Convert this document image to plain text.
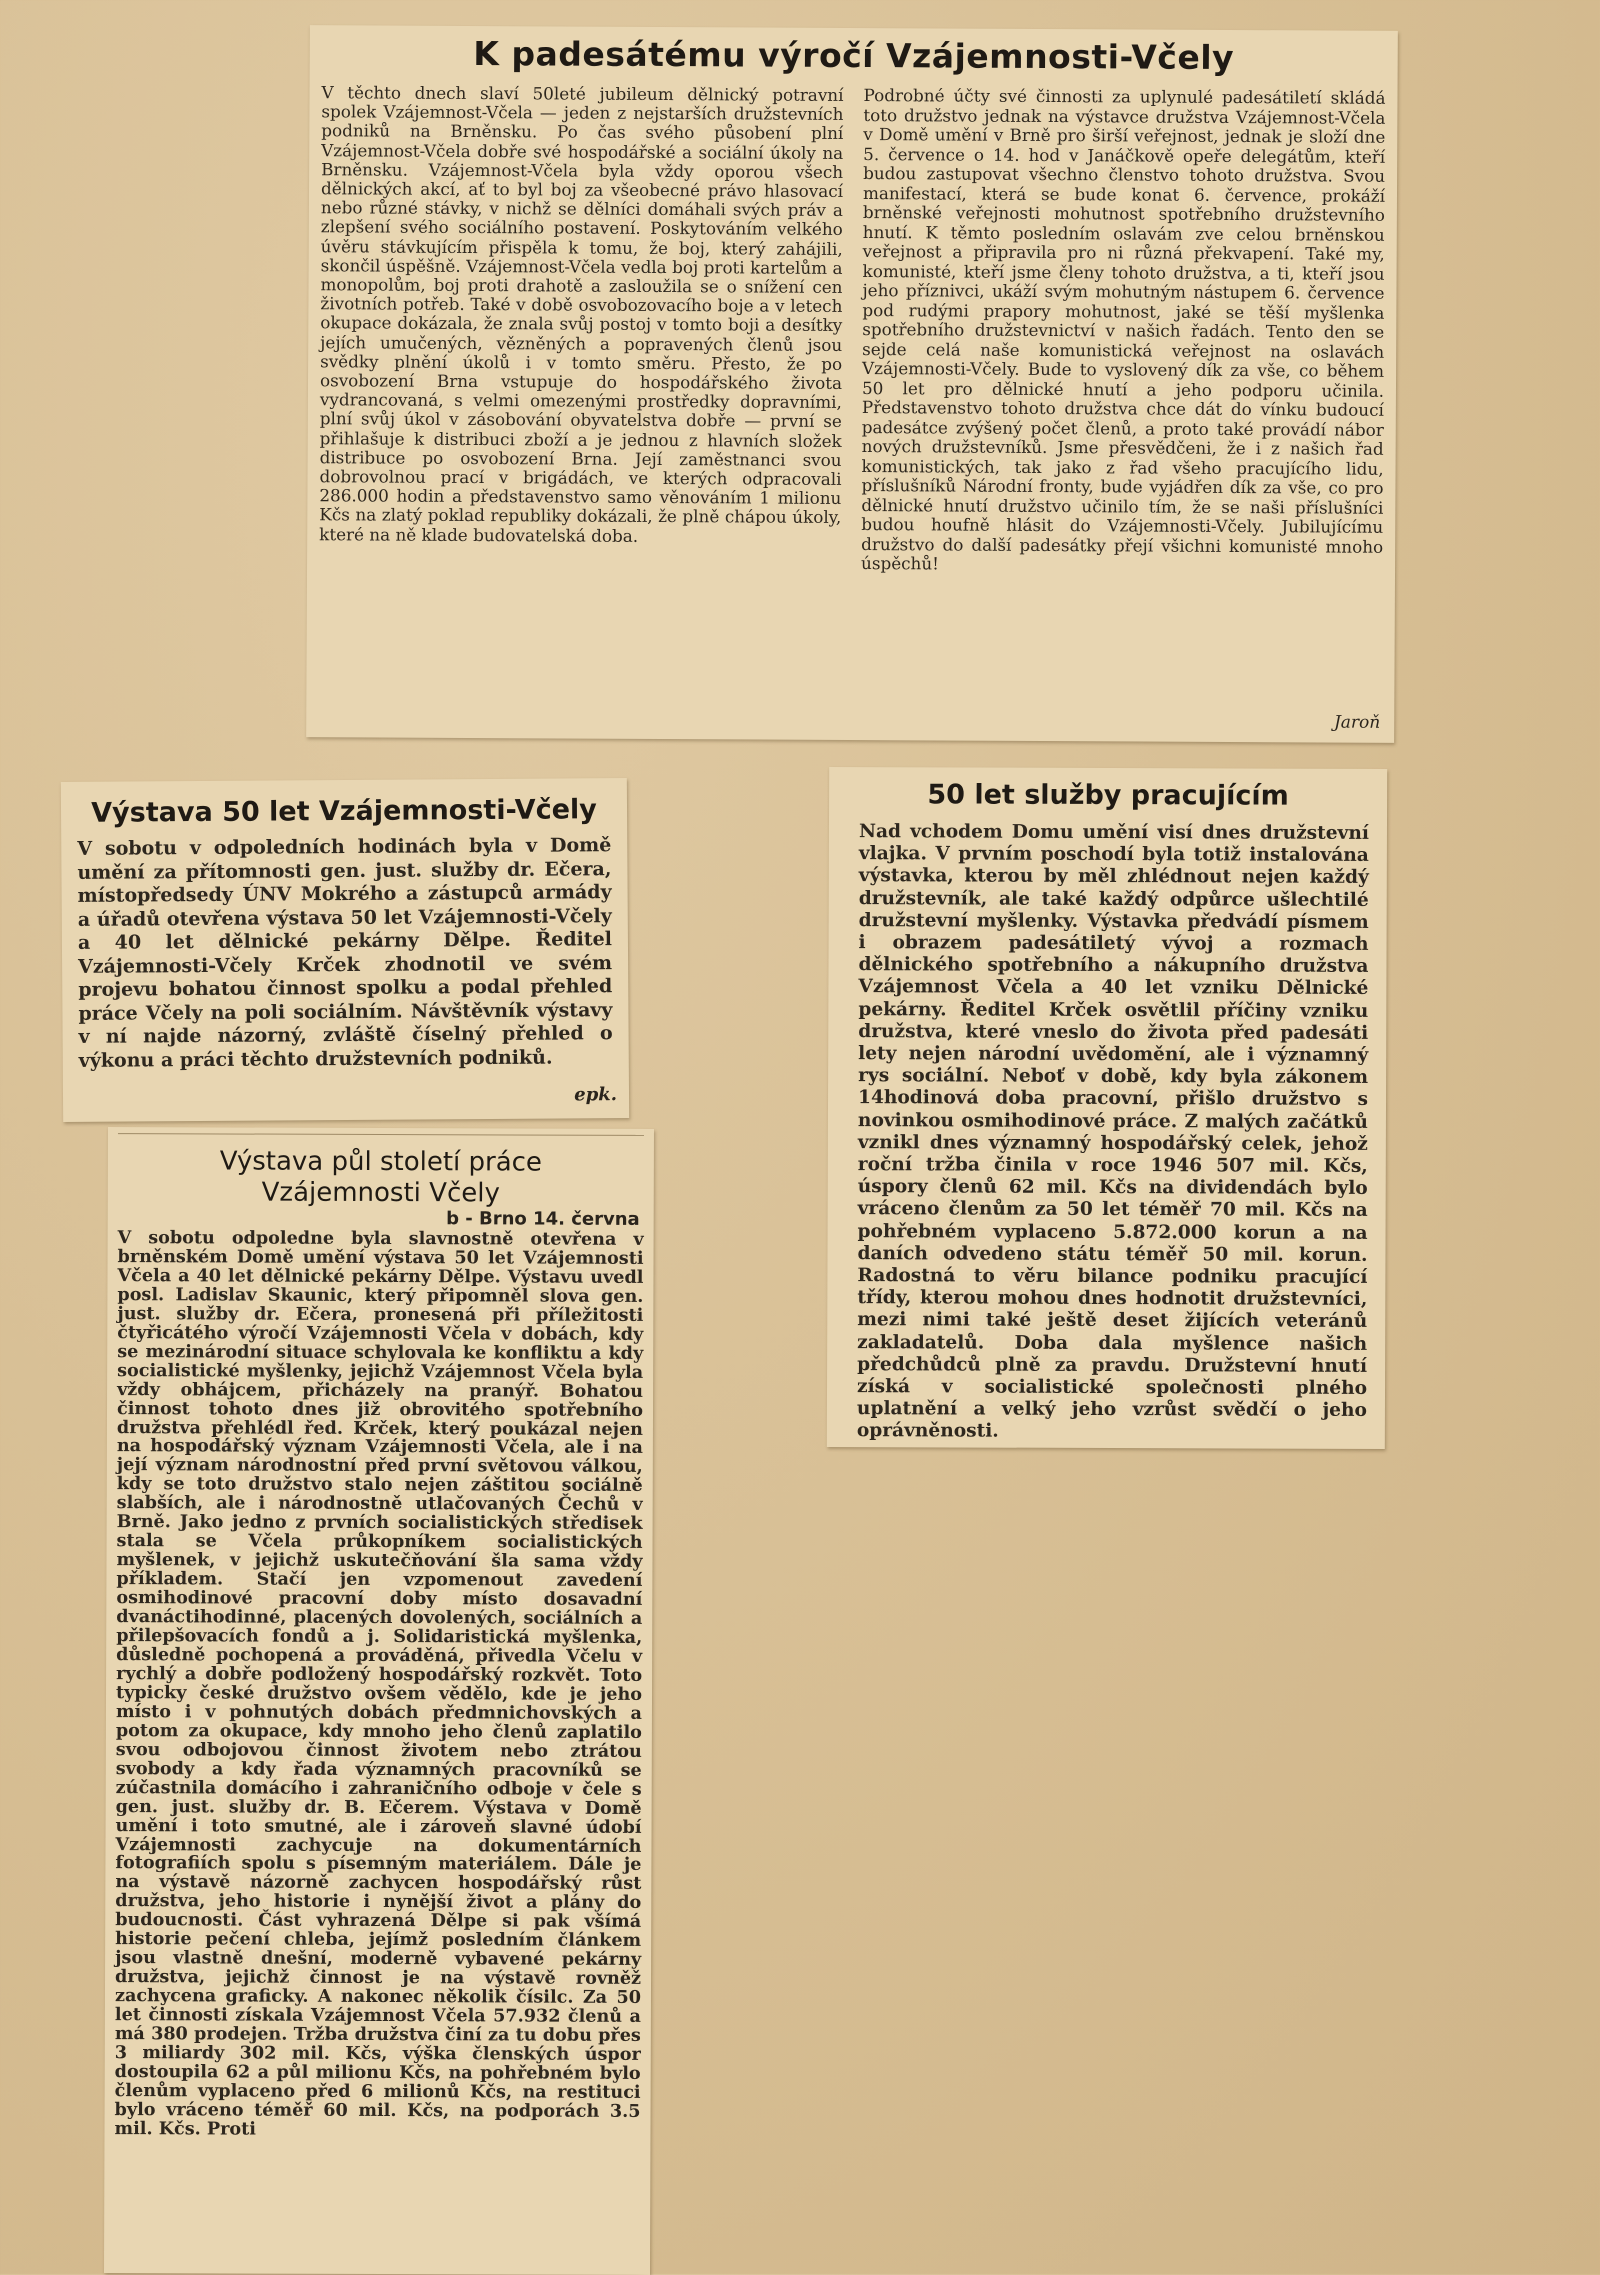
K padesátému výročí Vzájemnosti-Včely
V těchto dnech slaví 50leté jubileum dělnický potravní spolek Vzájemnost-Včela — jeden z nejstarších družstevních podniků na Brněnsku. Po čas svého působení plní Vzájemnost-Včela dobře své hospodářské a sociální úkoly na Brněnsku. Vzájemnost-Včela byla vždy oporou všech dělnických akcí, ať to byl boj za všeobecné právo hlasovací nebo různé stávky, v nichž se dělníci domáhali svých práv a zlepšení svého sociálního postavení. Poskytováním velkého úvěru stávkujícím přispěla k tomu, že boj, který zahájili, skončil úspěšně. Vzájemnost-Včela vedla boj proti kartelům a monopolům, boj proti drahotě a zasloužila se o snížení cen životních potřeb. Také v době osvobozovacího boje a v letech okupace dokázala, že znala svůj postoj v tomto boji a desítky jejích umučených, vězněných a popravených členů jsou svědky plnění úkolů i v tomto směru. Přesto, že po osvobození Brna vstupuje do hospodářského života vydrancovaná, s velmi omezenými prostředky dopravními, plní svůj úkol v zásobování obyvatelstva dobře — první se přihlašuje k distribuci zboží a je jednou z hlavních složek distribuce po osvobození Brna. Její zaměstnanci svou dobrovolnou prací v brigádách, ve kterých odpracovali 286.000 hodin a představenstvo samo věnováním 1 milionu Kčs na zlatý poklad republiky dokázali, že plně chápou úkoly, které na ně klade budovatelská doba.
Podrobné účty své činnosti za uplynulé padesátiletí skládá toto družstvo jednak na výstavce družstva Vzájemnost-Včela v Domě umění v Brně pro širší veřejnost, jednak je složí dne 5. července o 14. hod v Janáčkově opeře delegátům, kteří budou zastupovat všechno členstvo tohoto družstva. Svou manifestací, která se bude konat 6. července, prokáží brněnské veřejnosti mohutnost spotřebního družstevního hnutí. K těmto posledním oslavám zve celou brněnskou veřejnost a připravila pro ni různá překvapení. Také my, komunisté, kteří jsme členy tohoto družstva, a ti, kteří jsou jeho příznivci, ukáží svým mohutným nástupem 6. července pod rudými prapory mohutnost, jaké se těší myšlenka spotřebního družstevnictví v našich řadách. Tento den se sejde celá naše komunistická veřejnost na oslavách Vzájemnosti-Včely. Bude to vyslovený dík za vše, co během 50 let pro dělnické hnutí a jeho podporu učinila. Představenstvo tohoto družstva chce dát do vínku budoucí padesátce zvýšený počet členů, a proto také provádí nábor nových družstevníků. Jsme přesvědčeni, že i z našich řad komunistických, tak jako z řad všeho pracujícího lidu, příslušníků Národní fronty, bude vyjádřen dík za vše, co pro dělnické hnutí družstvo učinilo tím, že se naši příslušníci budou houfně hlásit do Vzájemnosti-Včely. Jubilujícímu družstvo do další padesátky přejí všichni komunisté mnoho úspěchů!
Jaroň
Výstava 50 let Vzájemnosti-Včely
V sobotu v odpoledních hodinách byla v Domě umění za přítomnosti gen. just. služby dr. Ečera, místopředsedy ÚNV Mokrého a zástupců armády a úřadů otevřena výstava 50 let Vzájemnosti-Včely a 40 let dělnické pekárny Dělpe. Ředitel Vzájemnosti-Včely Krček zhodnotil ve svém projevu bohatou činnost spolku a podal přehled práce Včely na poli sociálním. Návštěvník výstavy v ní najde názorný, zvláště číselný přehled o výkonu a práci těchto družstevních podniků.
epk.
50 let služby pracujícím
Nad vchodem Domu umění visí dnes družstevní vlajka. V prvním poschodí byla totiž instalována výstavka, kterou by měl zhlédnout nejen každý družstevník, ale také každý odpůrce ušlechtilé družstevní myšlenky. Výstavka předvádí písmem i obrazem padesátiletý vývoj a rozmach dělnického spotřebního a nákupního družstva Vzájemnost Včela a 40 let vzniku Dělnické pekárny. Ředitel Krček osvětlil příčiny vzniku družstva, které vneslo do života před padesáti lety nejen národní uvědomění, ale i významný rys sociální. Neboť v době, kdy byla zákonem 14hodinová doba pracovní, přišlo družstvo s novinkou osmihodinové práce. Z malých začátků vznikl dnes významný hospodářský celek, jehož roční tržba činila v roce 1946 507 mil. Kčs, úspory členů 62 mil. Kčs na dividendách bylo vráceno členům za 50 let téměř 70 mil. Kčs na pohřebném vyplaceno 5.872.000 korun a na daních odvedeno státu téměř 50 mil. korun. Radostná to věru bilance podniku pracující třídy, kterou mohou dnes hodnotit družstevníci, mezi nimi také ještě deset žijících veteránů zakladatelů. Doba dala myšlence našich předchůdců plně za pravdu. Družstevní hnutí získá v socialistické společnosti plného uplatnění a velký jeho vzrůst svědčí o jeho oprávněnosti.
Výstava půl století práce Vzájemnosti Včely
b - Brno 14. června
V sobotu odpoledne byla slavnostně otevřena v brněnském Domě umění výstava 50 let Vzájemnosti Včela a 40 let dělnické pekárny Dělpe. Výstavu uvedl posl. Ladislav Skaunic, který připomněl slova gen. just. služby dr. Ečera, pronesená při příležitosti čtyřicátého výročí Vzájemnosti Včela v dobách, kdy se mezinárodní situace schylovala ke konfliktu a kdy socialistické myšlenky, jejichž Vzájemnost Včela byla vždy obhájcem, přicházely na pranýř. Bohatou činnost tohoto dnes již obrovitého spotřebního družstva přehlédl řed. Krček, který poukázal nejen na hospodářský význam Vzájemnosti Včela, ale i na její význam národnostní před první světovou válkou, kdy se toto družstvo stalo nejen záštitou sociálně slabších, ale i národnostně utlačovaných Čechů v Brně. Jako jedno z prvních socialistických středisek stala se Včela průkopníkem socialistických myšlenek, v jejichž uskutečňování šla sama vždy příkladem. Stačí jen vzpomenout zavedení osmihodinové pracovní doby místo dosavadní dvanáctihodinné, placených dovolených, sociálních a přilepšovacích fondů a j. Solidaristická myšlenka, důsledně pochopená a prováděná, přivedla Včelu v rychlý a dobře podložený hospodářský rozkvět. Toto typicky české družstvo ovšem vědělo, kde je jeho místo i v pohnutých dobách předmnichovských a potom za okupace, kdy mnoho jeho členů zaplatilo svou odbojovou činnost životem nebo ztrátou svobody a kdy řada významných pracovníků se zúčastnila domácího i zahraničního odboje v čele s gen. just. služby dr. B. Ečerem. Výstava v Domě umění i toto smutné, ale i zároveň slavné údobí Vzájemnosti zachycuje na dokumentárních fotografiích spolu s písemným materiálem. Dále je na výstavě názorně zachycen hospodářský růst družstva, jeho historie i nynější život a plány do budoucnosti. Část vyhrazená Dělpe si pak všímá historie pečení chleba, jejímž posledním článkem jsou vlastně dnešní, moderně vybavené pekárny družstva, jejichž činnost je na výstavě rovněž zachycena graficky. A nakonec několik čísilc. Za 50 let činnosti získala Vzájemnost Včela 57.932 členů a má 380 prodejen. Tržba družstva činí za tu dobu přes 3 miliardy 302 mil. Kčs, výška členských úspor dostoupila 62 a půl milionu Kčs, na pohřebném bylo členům vyplaceno před 6 milionů Kčs, na restituci bylo vráceno téměř 60 mil. Kčs, na podporách 3.5 mil. Kčs. Proti
